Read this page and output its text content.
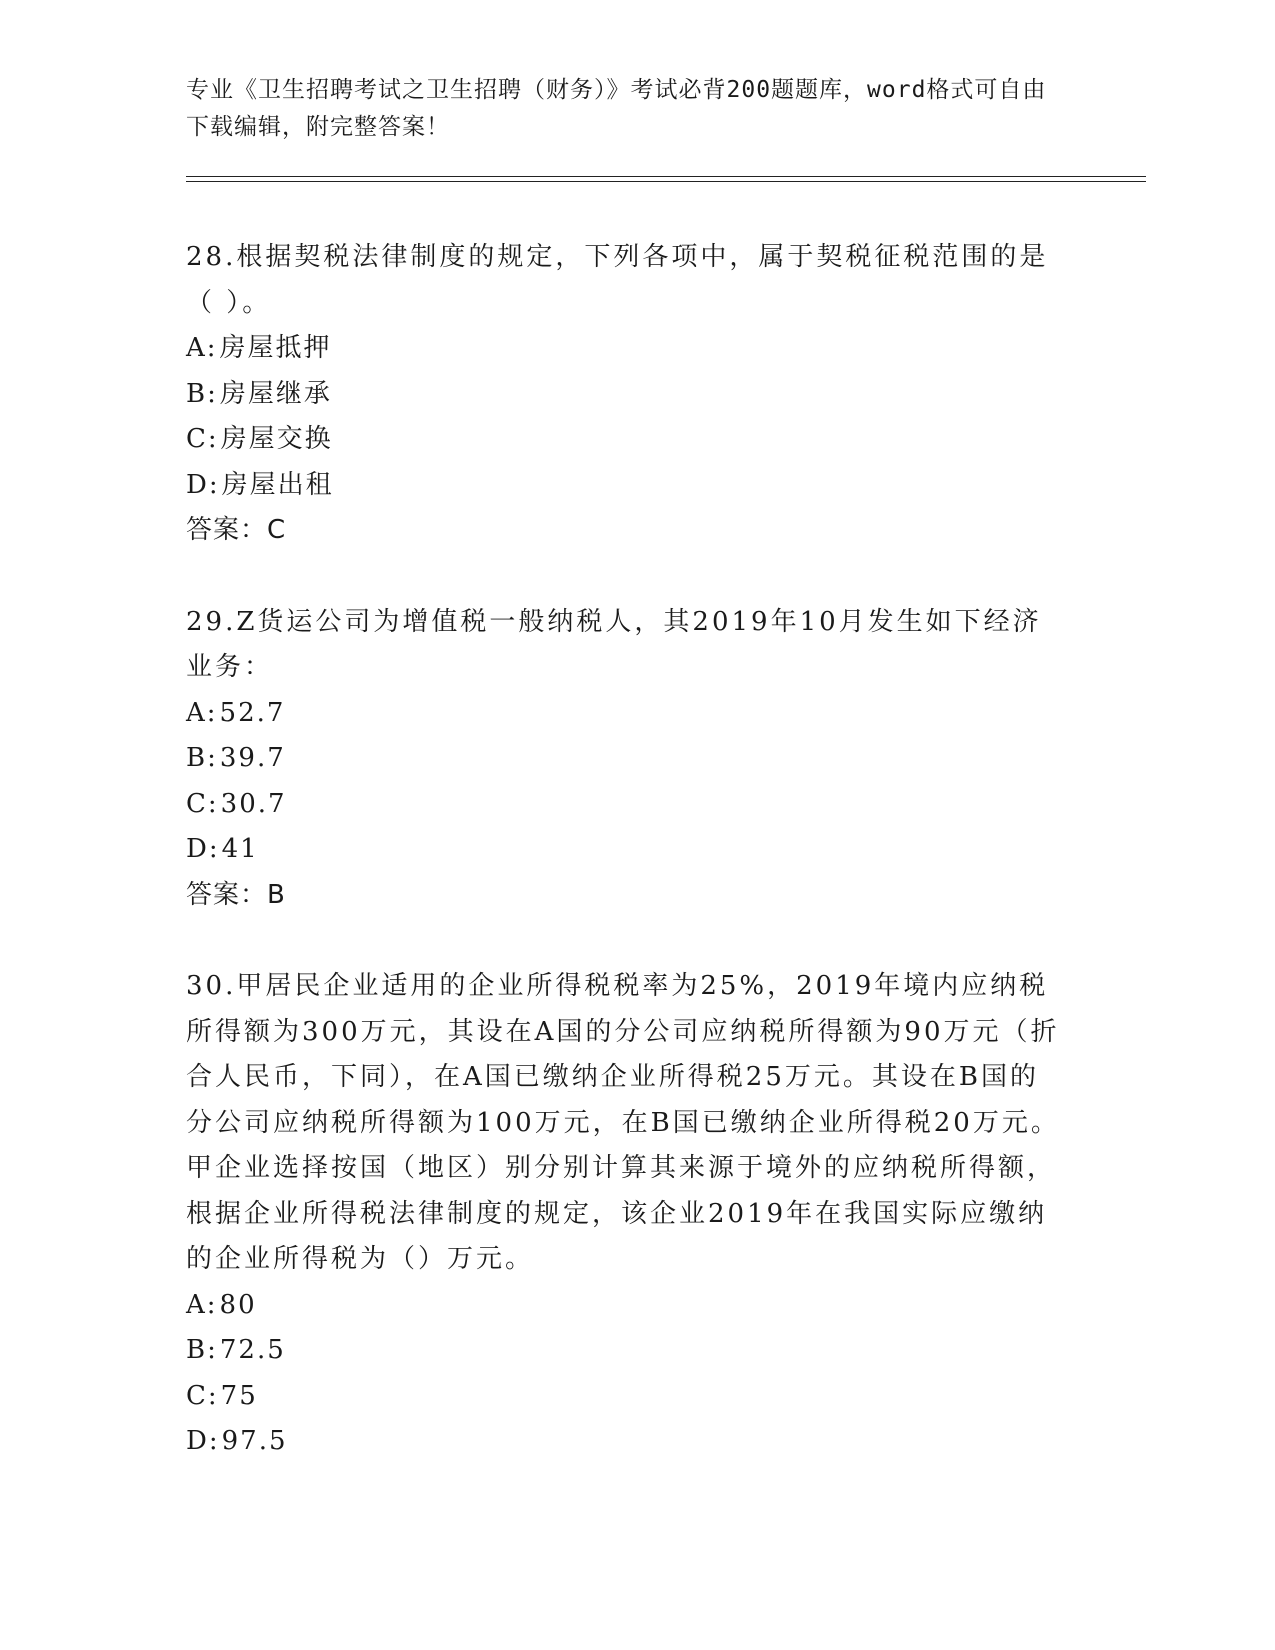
专业《卫生招聘考试之卫生招聘（财务）》考试必背200题题库，word格式可自由下载编辑，附完整答案！
28.根据契税法律制度的规定，下列各项中，属于契税征税范围的是（ ）。
A:房屋抵押
B:房屋继承
C:房屋交换
D:房屋出租
答案：C
29.Z货运公司为增值税一般纳税人，其2019年10月发生如下经济业务：
A:52.7
B:39.7
C:30.7
D:41
答案：B
30.甲居民企业适用的企业所得税税率为25%，2019年境内应纳税所得额为300万元，其设在A国的分公司应纳税所得额为90万元（折合人民币，下同），在A国已缴纳企业所得税25万元。其设在B国的分公司应纳税所得额为100万元，在B国已缴纳企业所得税20万元。甲企业选择按国（地区）别分别计算其来源于境外的应纳税所得额，根据企业所得税法律制度的规定，该企业2019年在我国实际应缴纳的企业所得税为（）万元。
A:80
B:72.5
C:75
D:97.5
